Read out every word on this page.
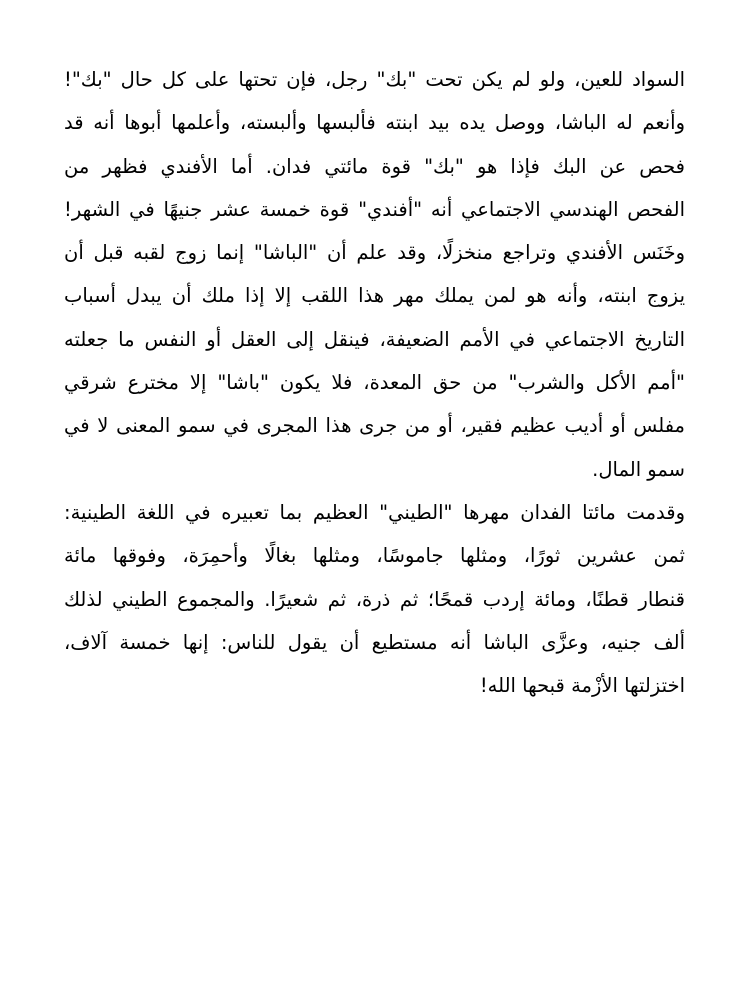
السواد للعين، ولو لم يكن تحت "بك" رجل، فإن تحتها على كل حال "بك"!
وأنعم له الباشا، ووصل يده بيد ابنته فألبسها وألبسته، وأعلمها أبوها أنه قد
فحص عن البك فإذا هو "بك" قوة مائتي فدان. أما الأفندي فظهر من
الفحص الهندسي الاجتماعي أنه "أفندي" قوة خمسة عشر جنيهًا في الشهر!
وخَنَس الأفندي وتراجع منخزلًا، وقد علم أن "الباشا" إنما زوج لقبه قبل أن
يزوج ابنته، وأنه هو لمن يملك مهر هذا اللقب إلا إذا ملك أن يبدل أسباب
التاريخ الاجتماعي في الأمم الضعيفة، فينقل إلى العقل أو النفس ما جعلته
"أمم الأكل والشرب" من حق المعدة، فلا يكون "باشا" إلا مخترع شرقي
مفلس أو أديب عظيم فقير، أو من جرى هذا المجرى في سمو المعنى لا في
سمو المال.
وقدمت مائتا الفدان مهرها "الطيني" العظيم بما تعبيره في اللغة الطينية:
ثمن عشرين ثورًا، ومثلها جاموسًا، ومثلها بغالًا وأحمِرَة، وفوقها مائة
قنطار قطنًا، ومائة إردب قمحًا؛ ثم ذرة، ثم شعيرًا. والمجموع الطيني لذلك
ألف جنيه، وعزَّى الباشا أنه مستطيع أن يقول للناس: إنها خمسة آلاف،
اختزلتها الأزْمة قبحها الله!
